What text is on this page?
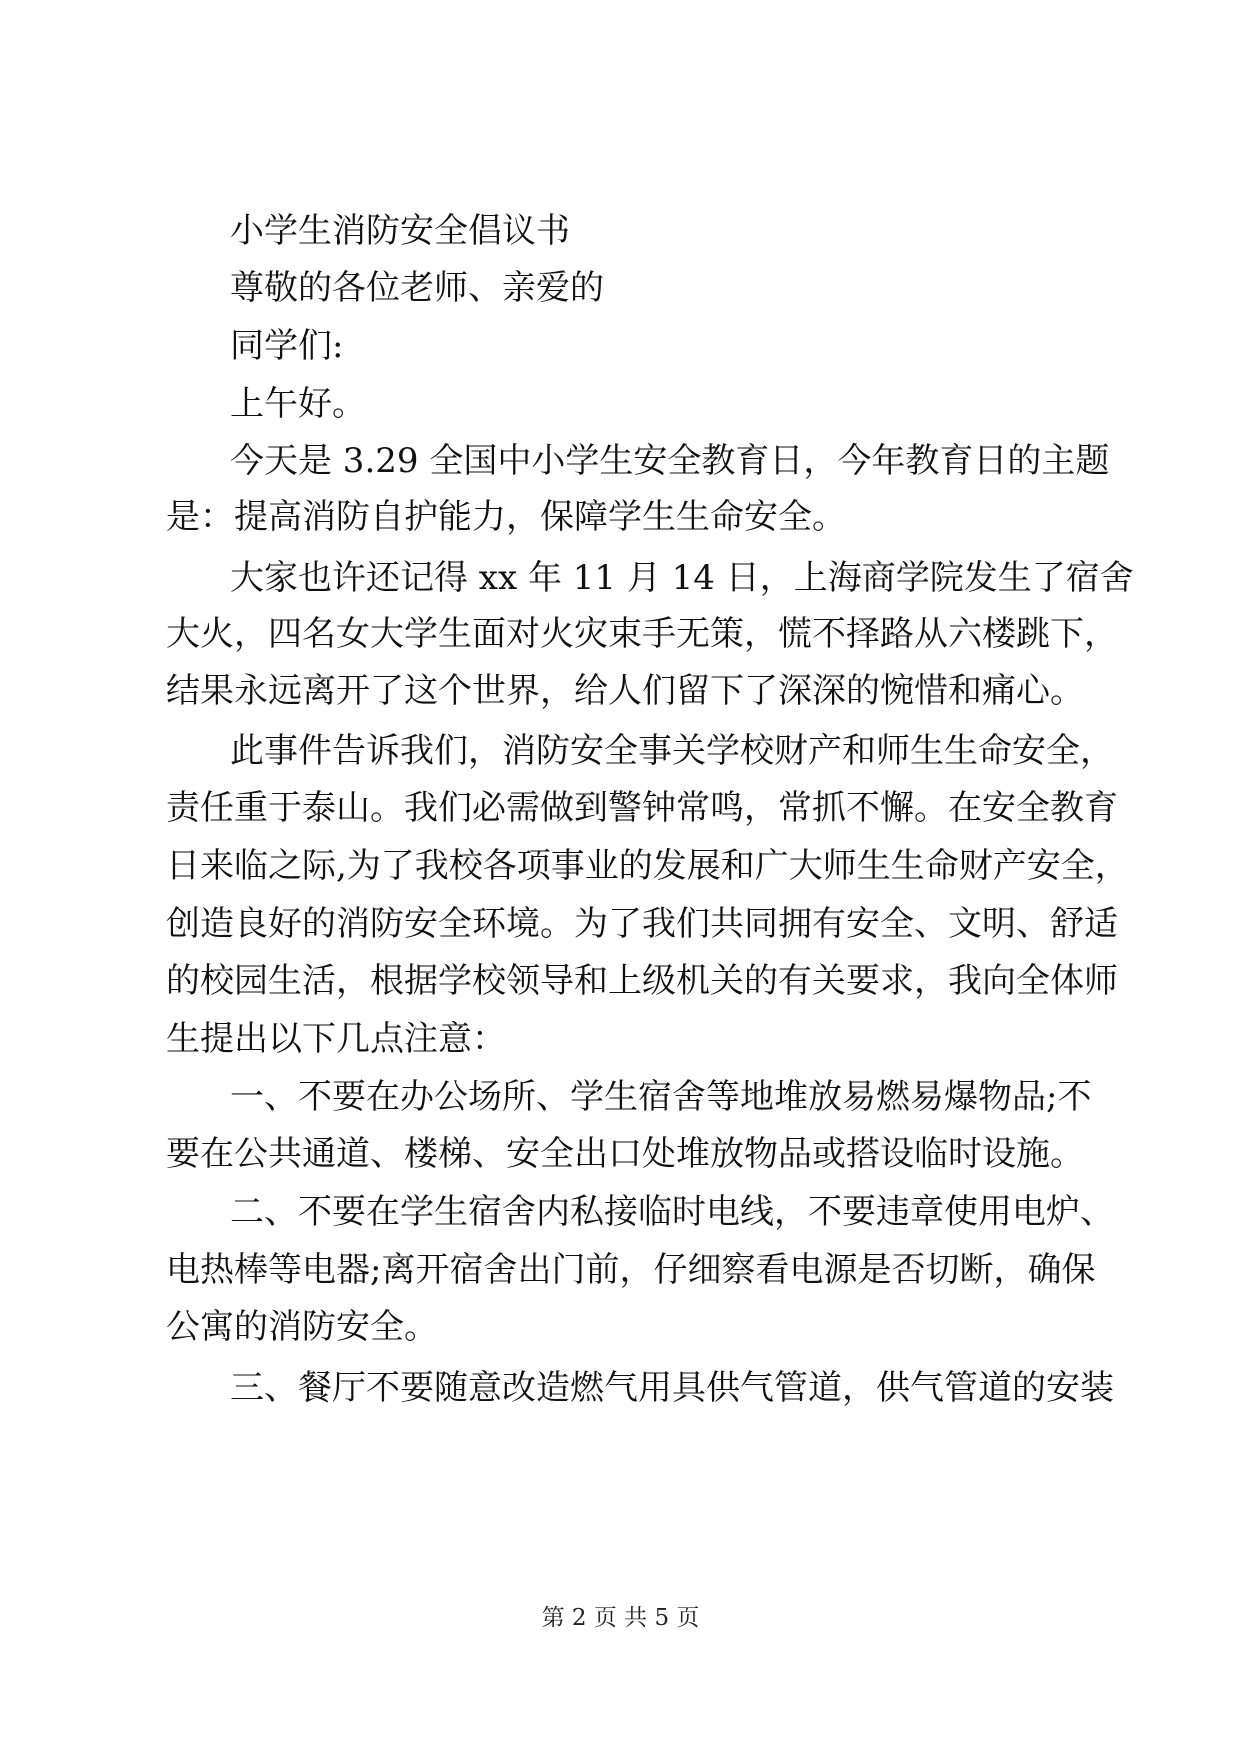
小学生消防安全倡议书
尊敬的各位老师、亲爱的
同学们:
上午好。
今天是 3.29 全国中小学生安全教育日，今年教育日的主题
是：提高消防自护能力，保障学生生命安全。
大家也许还记得 xx 年 11 月 14 日，上海商学院发生了宿舍
大火，四名女大学生面对火灾束手无策，慌不择路从六楼跳下，
结果永远离开了这个世界，给人们留下了深深的惋惜和痛心。
此事件告诉我们，消防安全事关学校财产和师生生命安全，
责任重于泰山。我们必需做到警钟常鸣，常抓不懈。在安全教育
日来临之际,为了我校各项事业的发展和广大师生生命财产安全，
创造良好的消防安全环境。为了我们共同拥有安全、文明、舒适
的校园生活，根据学校领导和上级机关的有关要求，我向全体师
生提出以下几点注意：
一、不要在办公场所、学生宿舍等地堆放易燃易爆物品;不
要在公共通道、楼梯、安全出口处堆放物品或搭设临时设施。
二、不要在学生宿舍内私接临时电线，不要违章使用电炉、
电热棒等电器;离开宿舍出门前，仔细察看电源是否切断，确保
公寓的消防安全。
三、餐厅不要随意改造燃气用具供气管道，供气管道的安装
第 2 页 共 5 页
